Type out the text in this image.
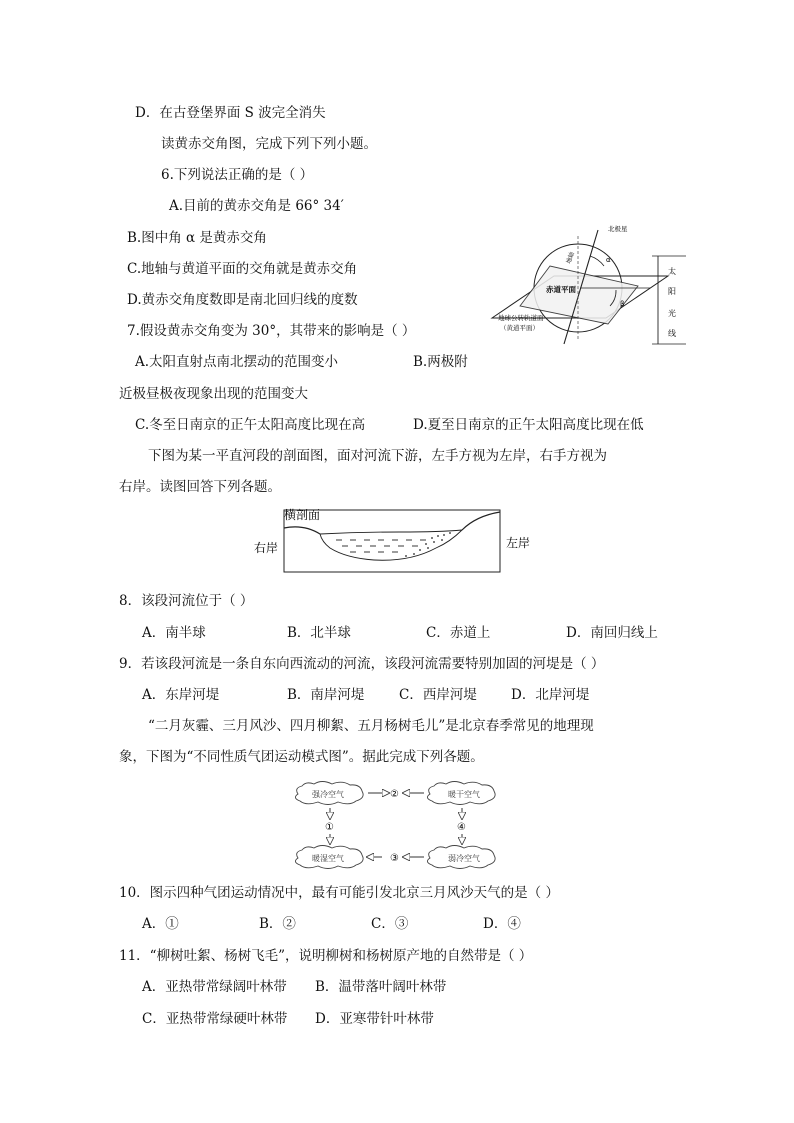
D．在古登堡界面 S 波完全消失
读黄赤交角图，完成下列下列小题。
6.下列说法正确的是（ ）
A.目前的黄赤交角是 66° 34′
B.图中角 α 是黄赤交角
C.地轴与黄道平面的交角就是黄赤交角
D.黄赤交角度数即是南北回归线的度数
7.假设黄赤交角变为 30°，其带来的影响是（ ）
A.太阳直射点南北摆动的范围变小	B.两极附
近极昼极夜现象出现的范围变大
C.冬至日南京的正午太阳高度比现在高	D.夏至日南京的正午太阳高度比现在低
北极星
地轴
赤道平面
地球公转轨道面
（黄道平面）
α
β
太
阳
光
线
下图为某一平直河段的剖面图，面对河流下游，左手方视为左岸，右手方视为
右岸。读图回答下列各题。
横剖面
右岸	左岸
8．该段河流位于（ ）
A．南半球	B．北半球	C．赤道上	D．南回归线上
9．若该段河流是一条自东向西流动的河流，该段河流需要特别加固的河堤是（ ）
A．东岸河堤	B．南岸河堤	C．西岸河堤	D．北岸河堤
“二月灰霾、三月风沙、四月柳絮、五月杨树毛儿”是北京春季常见的地理现
象，下图为“不同性质气团运动模式图”。据此完成下列各题。
强冷空气	暖干空气
暖湿空气	弱冷空气
②
③
①	④
10．图示四种气团运动情况中，最有可能引发北京三月风沙天气的是（ ）
A．①	B．②	C．③	D．④
11．“柳树吐絮、杨树飞毛”，说明柳树和杨树原产地的自然带是（ ）
A．亚热带常绿阔叶林带 B．温带落叶阔叶林带
C．亚热带常绿硬叶林带 D．亚寒带针叶林带
